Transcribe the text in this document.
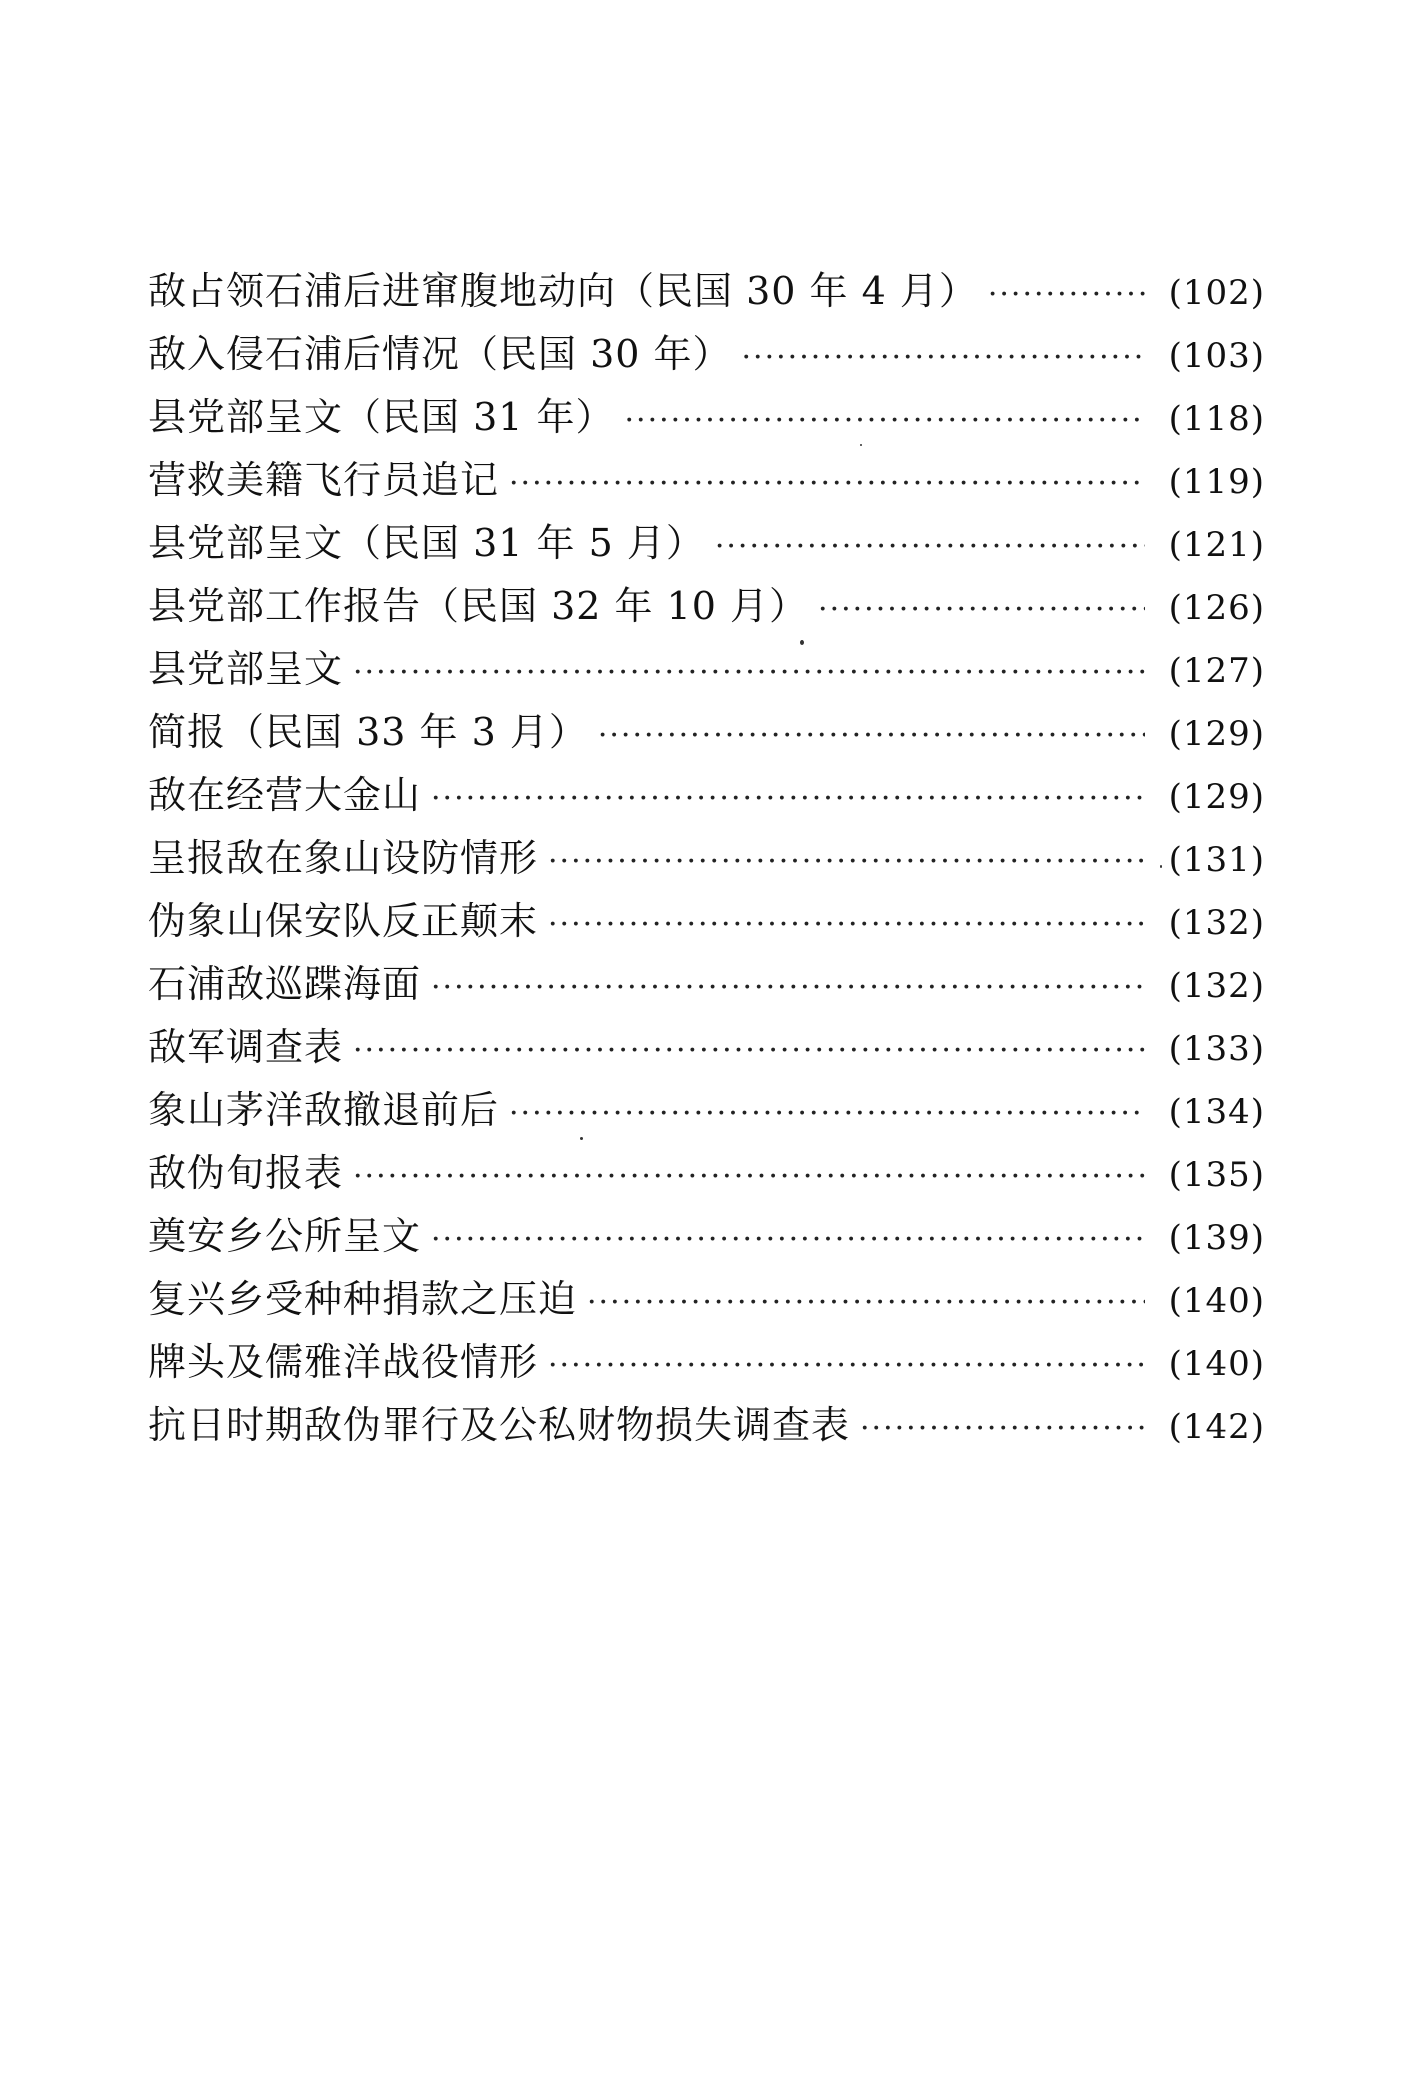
敌占领石浦后进窜腹地动向（民国 30 年 4 月） ·····	(102)
敌入侵石浦后情况（民国 30 年） ·····	(103)
县党部呈文（民国 31 年） ·····	(118)
营救美籍飞行员追记 ·····	(119)
县党部呈文（民国 31 年 5 月） ·····	(121)
县党部工作报告（民国 32 年 10 月） ·····	(126)
县党部呈文 ·····	(127)
简报（民国 33 年 3 月） ·····	(129)
敌在经营大金山 ·····	(129)
呈报敌在象山设防情形 ·····	(131)
伪象山保安队反正颠末 ·····	(132)
石浦敌巡蹀海面 ·····	(132)
敌军调查表 ·····	(133)
象山茅洋敌撤退前后 ·····	(134)
敌伪旬报表 ·····	(135)
奠安乡公所呈文 ·····	(139)
复兴乡受种种捐款之压迫 ·····	(140)
牌头及儒雅洋战役情形 ·····	(140)
抗日时期敌伪罪行及公私财物损失调查表 ·····	(142)
